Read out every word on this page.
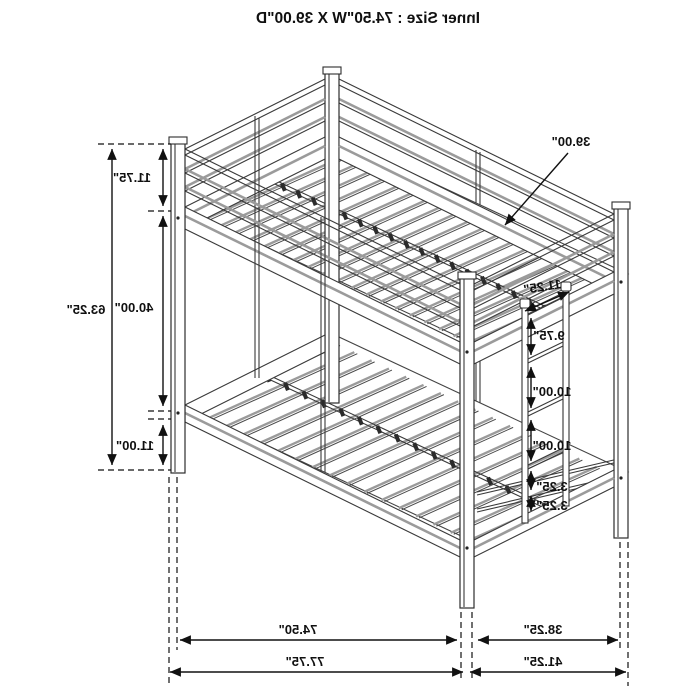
Inner Size : 74.50"W X 39.00"D
63.25"
11.75"
40.00"
11.00"
39.00"
11.25"
9.75"
10.00"
10.00"
3.25"
3.25"
74.50"	38.25"
77.75"	41.25"
